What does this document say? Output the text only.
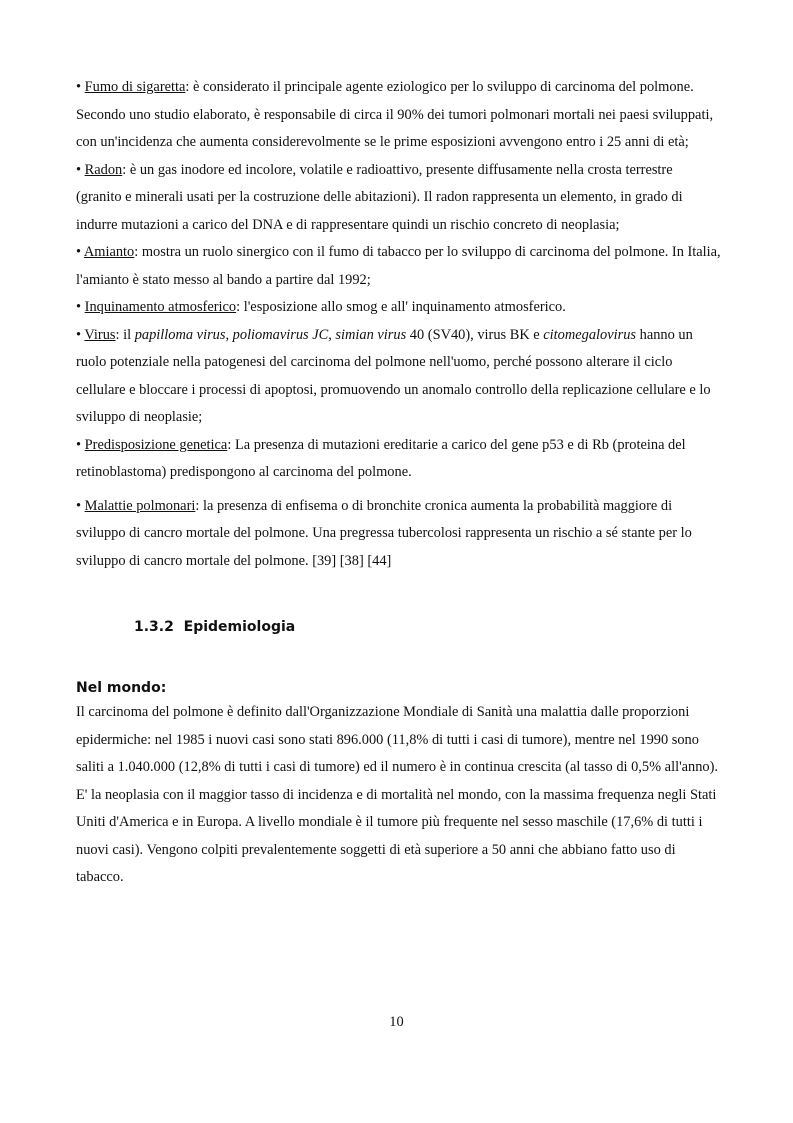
• Fumo di sigaretta: è considerato il principale agente eziologico per lo sviluppo di carcinoma del polmone. Secondo uno studio elaborato, è responsabile di circa il 90% dei tumori polmonari mortali nei paesi sviluppati, con un'incidenza che aumenta considerevolmente se le prime esposizioni avvengono entro i 25 anni di età;

• Radon: è un gas inodore ed incolore, volatile e radioattivo, presente diffusamente nella crosta terrestre (granito e minerali usati per la costruzione delle abitazioni). Il radon rappresenta un elemento, in grado di indurre mutazioni a carico del DNA e di rappresentare quindi un rischio concreto di neoplasia;

• Amianto: mostra un ruolo sinergico con il fumo di tabacco per lo sviluppo di carcinoma del polmone. In Italia, l'amianto è stato messo al bando a partire dal 1992;

• Inquinamento atmosferico: l'esposizione allo smog e all' inquinamento atmosferico.

• Virus: il papilloma virus, poliomavirus JC, simian virus 40 (SV40), virus BK e citomegalovirus hanno un ruolo potenziale nella patogenesi del carcinoma del polmone nell'uomo, perché possono alterare il ciclo cellulare e bloccare i processi di apoptosi, promuovendo un anomalo controllo della replicazione cellulare e lo sviluppo di neoplasie;

• Predisposizione genetica: La presenza di mutazioni ereditarie a carico del gene p53 e di Rb (proteina del retinoblastoma) predispongono al carcinoma del polmone.

• Malattie polmonari: la presenza di enfisema o di bronchite cronica aumenta la probabilità maggiore di sviluppo di cancro mortale del polmone. Una pregressa tubercolosi rappresenta un rischio a sé stante per lo sviluppo di cancro mortale del polmone. [39] [38] [44]

1.3.2 Epidemiologia
Nel mondo:

Il carcinoma del polmone è definito dall'Organizzazione Mondiale di Sanità una malattia dalle proporzioni epidermiche: nel 1985 i nuovi casi sono stati 896.000 (11,8% di tutti i casi di tumore), mentre nel 1990 sono saliti a 1.040.000 (12,8% di tutti i casi di tumore) ed il numero è in continua crescita (al tasso di 0,5% all'anno).

E' la neoplasia con il maggior tasso di incidenza e di mortalità nel mondo, con la massima frequenza negli Stati Uniti d'America e in Europa. A livello mondiale è il tumore più frequente nel sesso maschile (17,6% di tutti i nuovi casi). Vengono colpiti prevalentemente soggetti di età superiore a 50 anni che abbiano fatto uso di tabacco.

10
